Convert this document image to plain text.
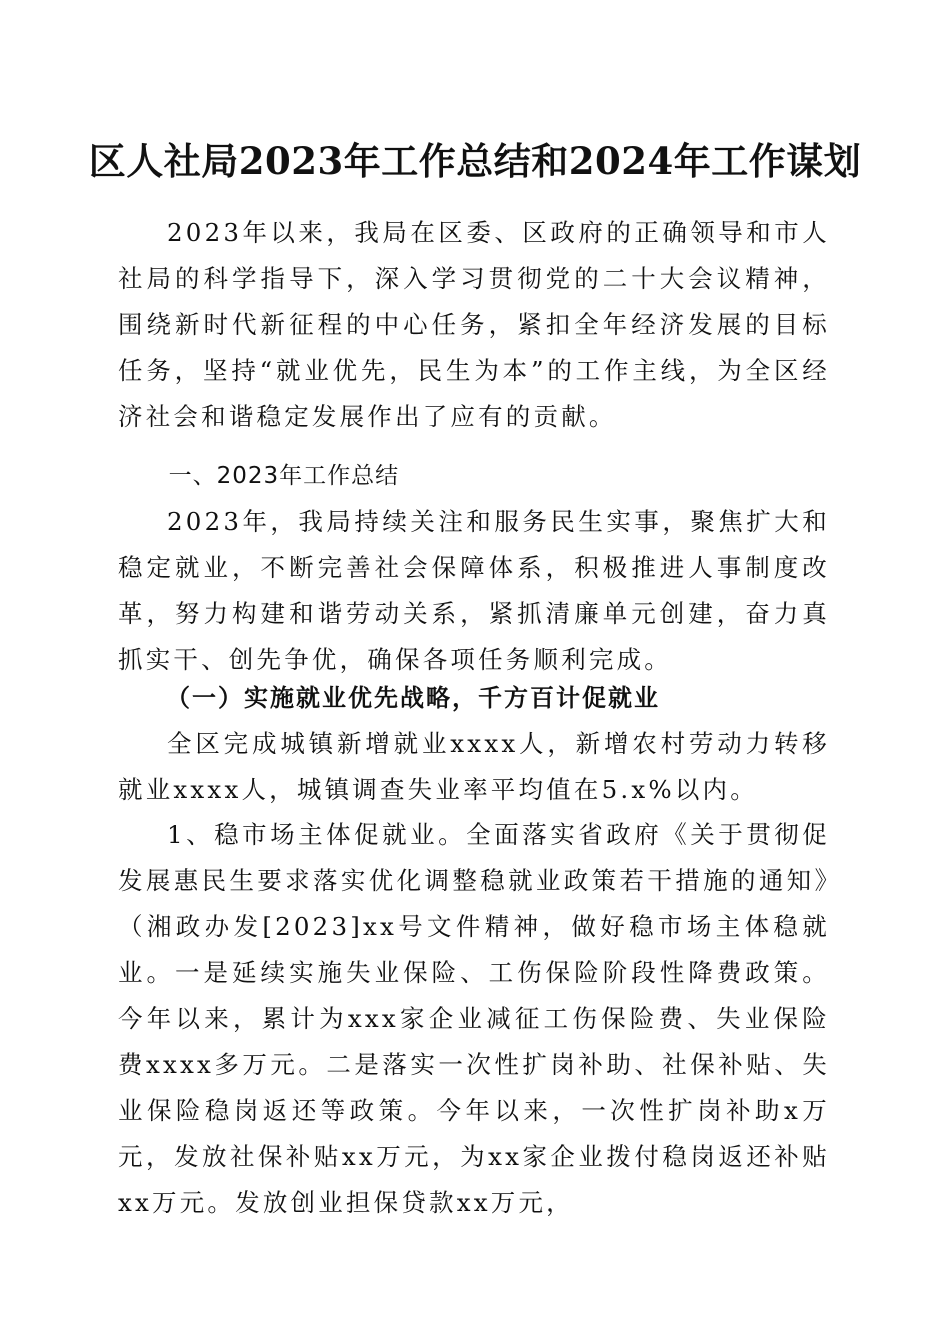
区人社局2023年工作总结和2024年工作谋划

2023年以来，我局在区委、区政府的正确领导和市人社局的科学指导下，深入学习贯彻党的二十大会议精神，围绕新时代新征程的中心任务，紧扣全年经济发展的目标任务，坚持“就业优先，民生为本”的工作主线，为全区经济社会和谐稳定发展作出了应有的贡献。

一、2023年工作总结

2023年，我局持续关注和服务民生实事，聚焦扩大和稳定就业，不断完善社会保障体系，积极推进人事制度改革，努力构建和谐劳动关系，紧抓清廉单元创建，奋力真抓实干、创先争优，确保各项任务顺利完成。

（一）实施就业优先战略，千方百计促就业

全区完成城镇新增就业xxxx人，新增农村劳动力转移就业xxxx人，城镇调查失业率平均值在5.x%以内。

1、稳市场主体促就业。全面落实省政府《关于贯彻促发展惠民生要求落实优化调整稳就业政策若干措施的通知》（湘政办发[2023]xx号文件精神，做好稳市场主体稳就业。一是延续实施失业保险、工伤保险阶段性降费政策。今年以来，累计为xxx家企业减征工伤保险费、失业保险费xxxx多万元。二是落实一次性扩岗补助、社保补贴、失业保险稳岗返还等政策。今年以来，一次性扩岗补助x万元，发放社保补贴xx万元，为xx家企业拨付稳岗返还补贴xx万元。发放创业担保贷款xx万元，
